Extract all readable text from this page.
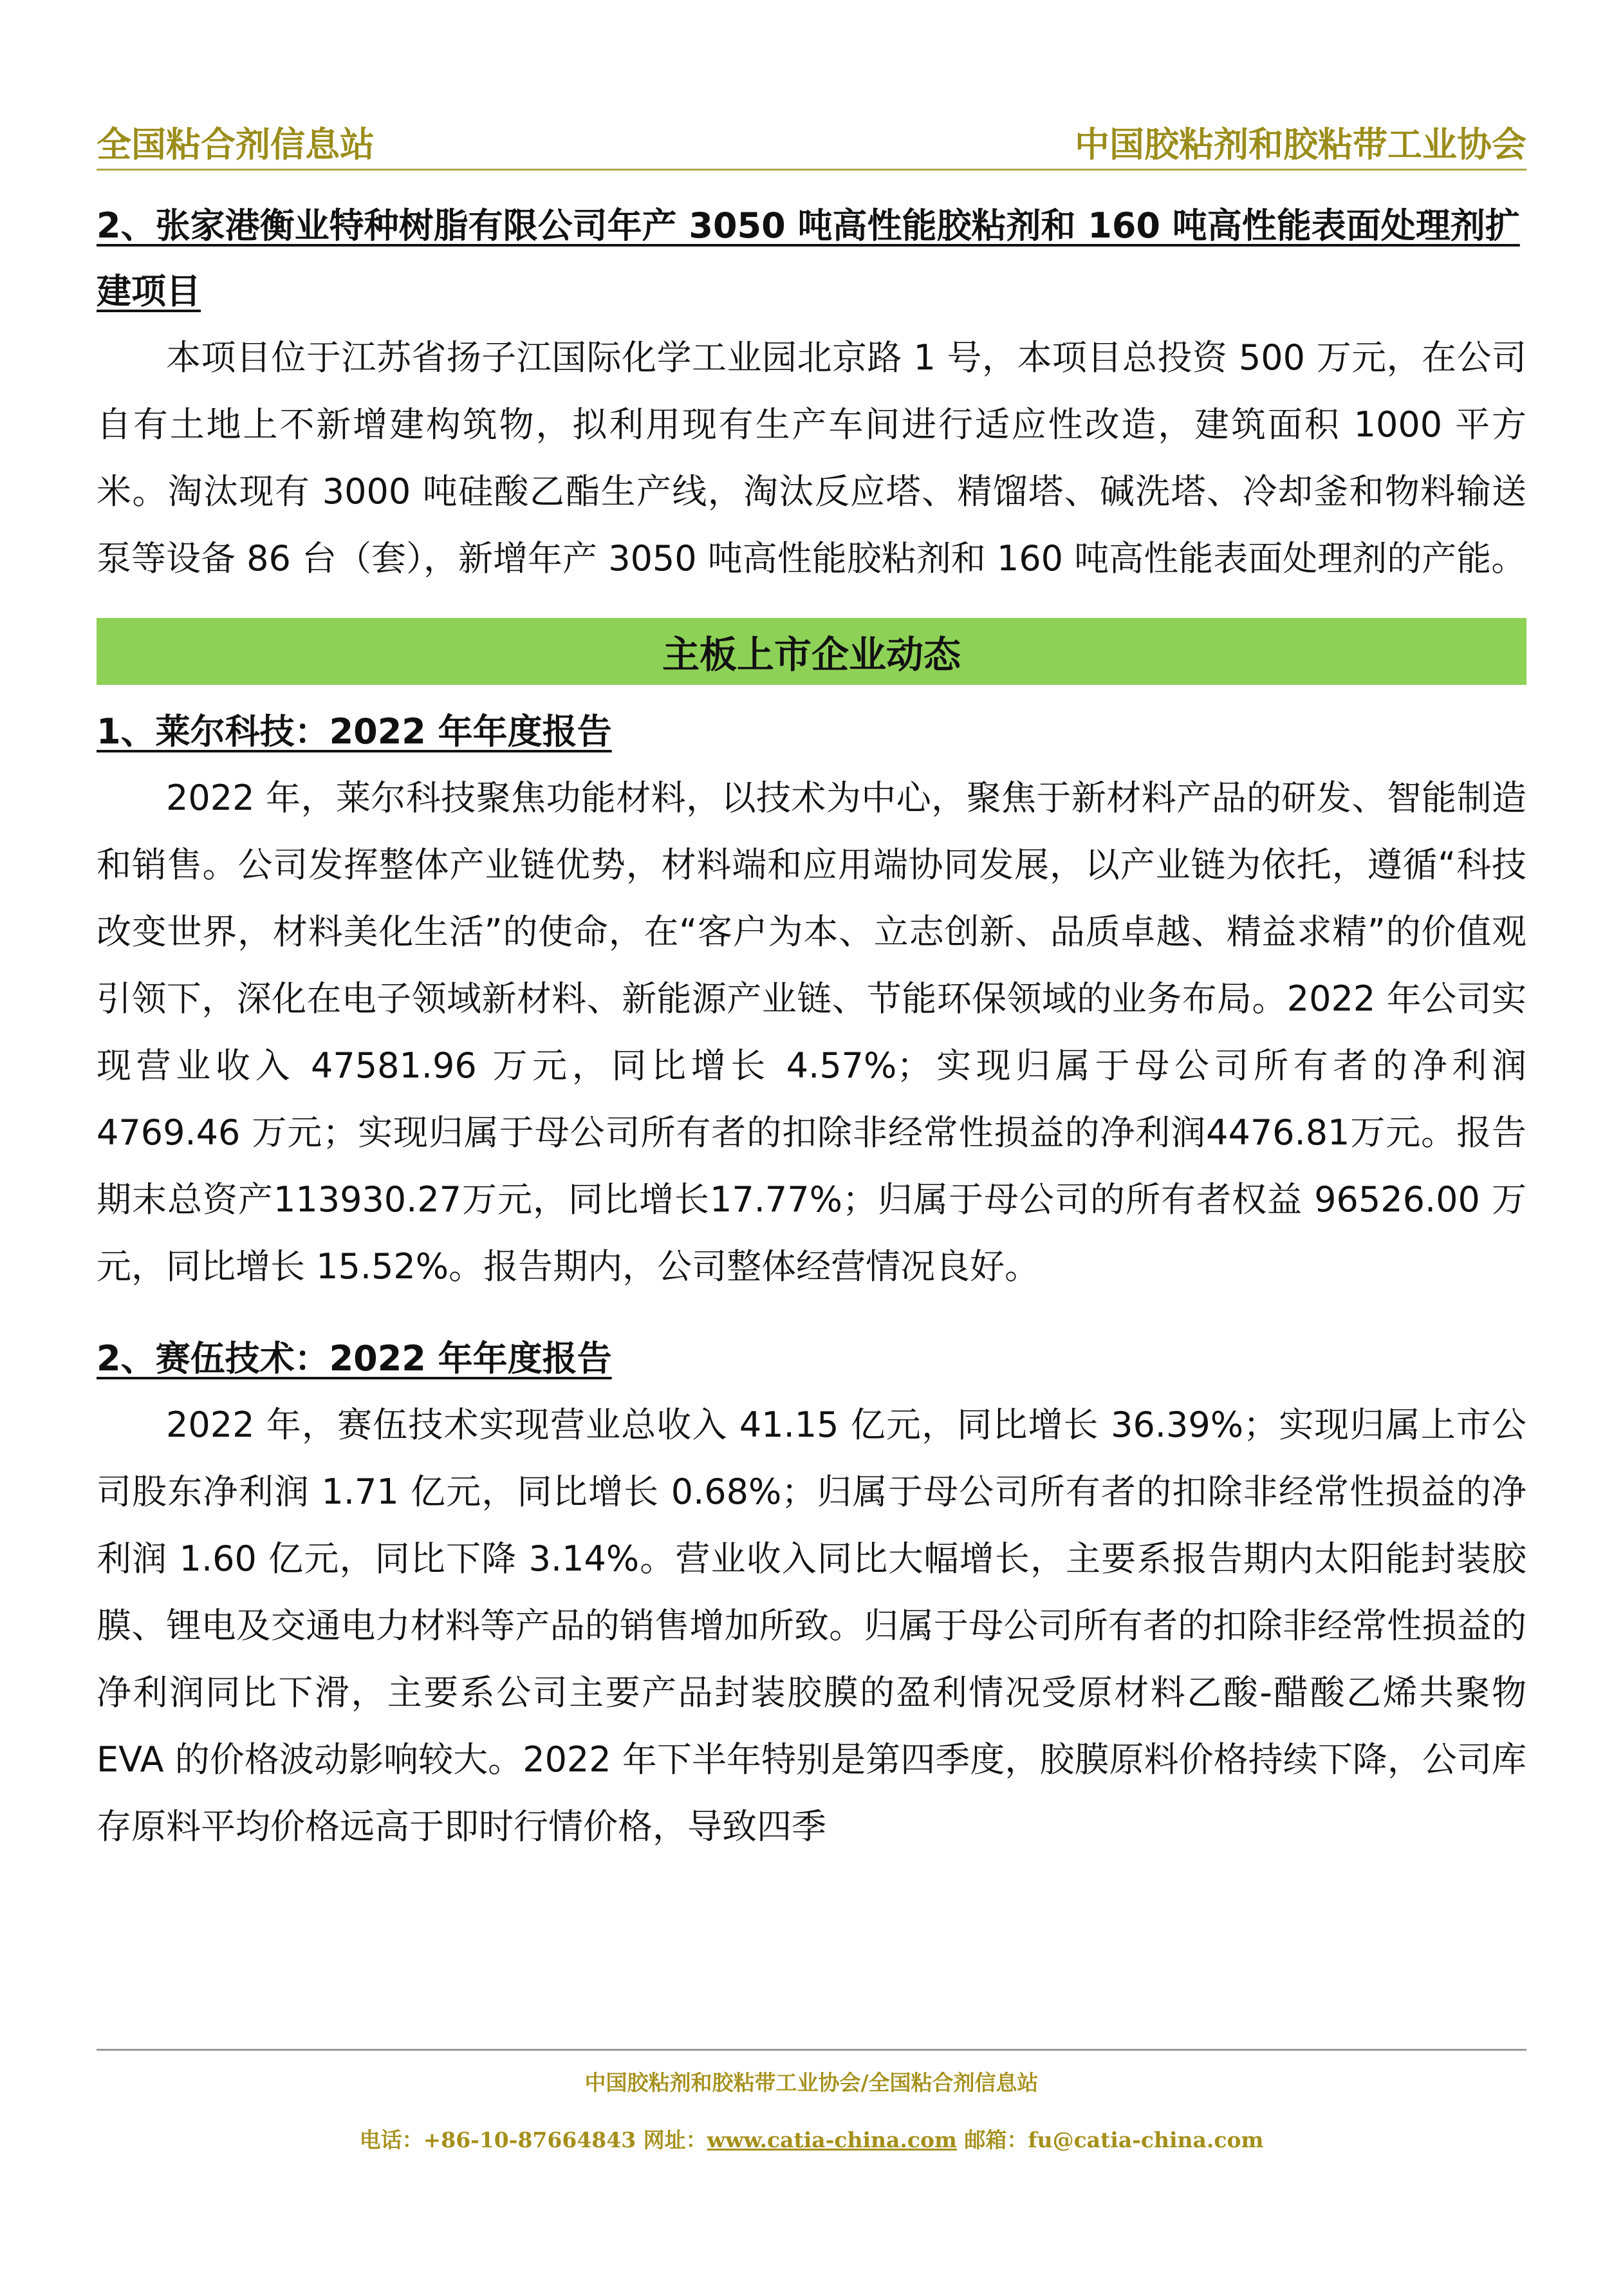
全国粘合剂信息站	中国胶粘剂和胶粘带工业协会
2、张家港衡业特种树脂有限公司年产 3050 吨高性能胶粘剂和 160 吨高性能表面处理剂扩建项目

本项目位于江苏省扬子江国际化学工业园北京路 1 号，本项目总投资 500 万元，在公司自有土地上不新增建构筑物，拟利用现有生产车间进行适应性改造，建筑面积 1000 平方米。淘汰现有 3000 吨硅酸乙酯生产线，淘汰反应塔、精馏塔、碱洗塔、冷却釜和物料输送泵等设备 86 台（套），新增年产 3050 吨高性能胶粘剂和 160 吨高性能表面处理剂的产能。

主板上市企业动态
1、莱尔科技：2022 年年度报告

2022 年，莱尔科技聚焦功能材料，以技术为中心，聚焦于新材料产品的研发、智能制造和销售。公司发挥整体产业链优势，材料端和应用端协同发展，以产业链为依托，遵循“科技改变世界，材料美化生活”的使命，在“客户为本、立志创新、品质卓越、精益求精”的价值观引领下，深化在电子领域新材料、新能源产业链、节能环保领域的业务布局。2022 年公司实现营业收入 47581.96 万元，同比增长 4.57%；实现归属于母公司所有者的净利润 4769.46 万元；实现归属于母公司所有者的扣除非经常性损益的净利润4476.81万元。报告期末总资产113930.27万元，同比增长17.77%；归属于母公司的所有者权益 96526.00 万元，同比增长 15.52%。报告期内，公司整体经营情况良好。

2、赛伍技术：2022 年年度报告

2022 年，赛伍技术实现营业总收入 41.15 亿元，同比增长 36.39%；实现归属上市公司股东净利润 1.71 亿元，同比增长 0.68%；归属于母公司所有者的扣除非经常性损益的净利润 1.60 亿元，同比下降 3.14%。营业收入同比大幅增长，主要系报告期内太阳能封装胶膜、锂电及交通电力材料等产品的销售增加所致。归属于母公司所有者的扣除非经常性损益的净利润同比下滑，主要系公司主要产品封装胶膜的盈利情况受原材料乙酸-醋酸乙烯共聚物 EVA 的价格波动影响较大。2022 年下半年特别是第四季度，胶膜原料价格持续下降，公司库存原料平均价格远高于即时行情价格，导致四季

中国胶粘剂和胶粘带工业协会/全国粘合剂信息站
电话：+86-10-87664843 网址：www.catia-china.com 邮箱：fu@catia-china.com
